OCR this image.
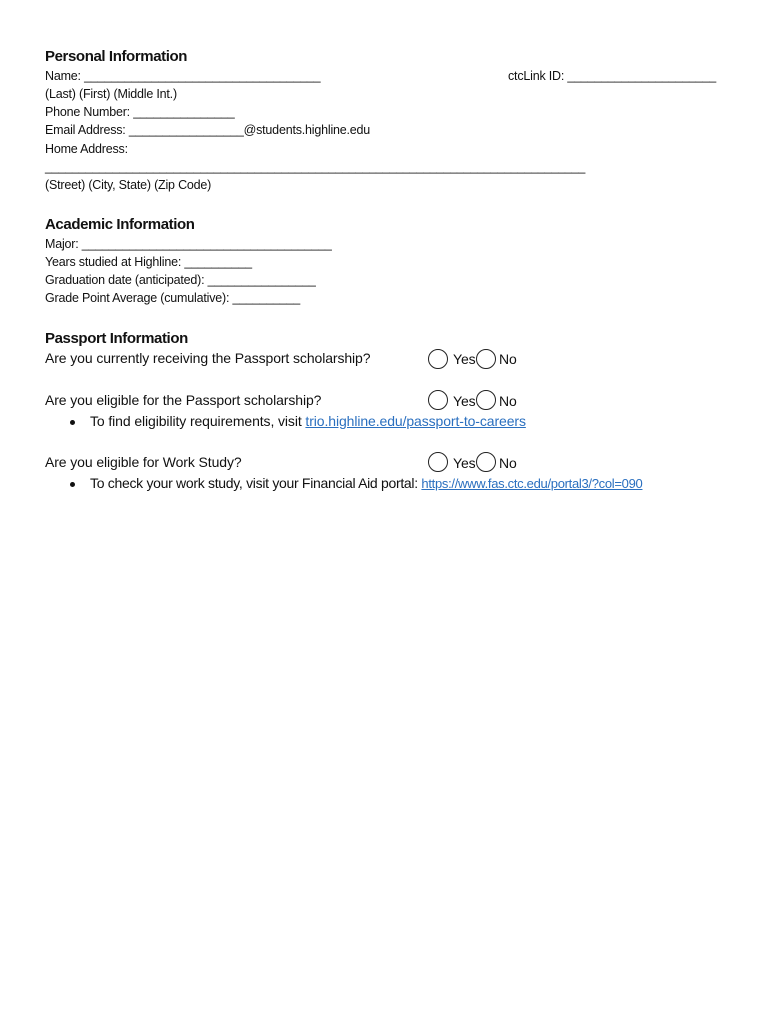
Personal Information
Name: ___________________________________	ctcLink ID: ______________________
(Last) (First) (Middle Int.)
Phone Number: _______________
Email Address: _________________@students.highline.edu
Home Address:
________________________________________________________________________________
(Street) (City, State) (Zip Code)
Academic Information
Major: _____________________________________
Years studied at Highline: __________
Graduation date (anticipated): ________________
Grade Point Average (cumulative): __________
Passport Information
Are you currently receiving the Passport scholarship?	Yes No
Are you eligible for the Passport scholarship?	Yes No
To find eligibility requirements, visit trio.highline.edu/passport-to-careers
Are you eligible for Work Study?	Yes No
To check your work study, visit your Financial Aid portal: https://www.fas.ctc.edu/portal3/?col=090
